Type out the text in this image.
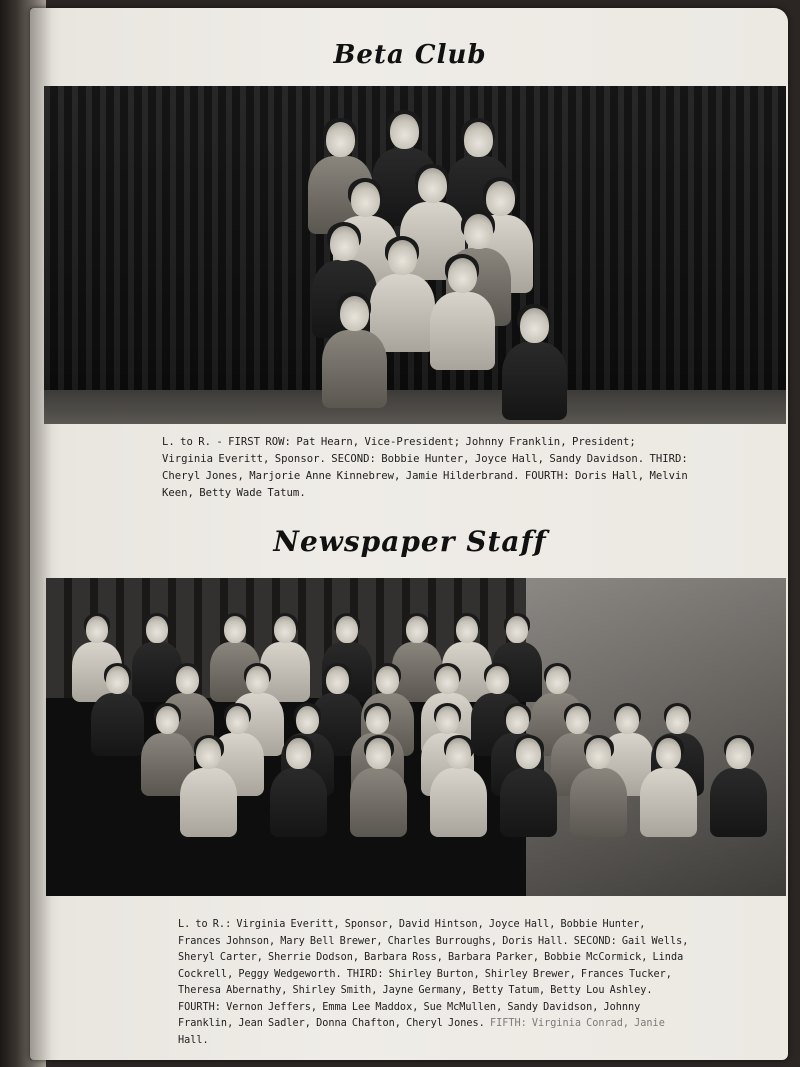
Beta Club
L. to R. - FIRST ROW: Pat Hearn, Vice-President; Johnny Franklin, President; Virginia Everitt, Sponsor. SECOND: Bobbie Hunter, Joyce Hall, Sandy Davidson. THIRD: Cheryl Jones, Marjorie Anne Kinnebrew, Jamie Hilderbrand. FOURTH: Doris Hall, Melvin Keen, Betty Wade Tatum.
Newspaper Staff
L. to R.: Virginia Everitt, Sponsor, David Hintson, Joyce Hall, Bobbie Hunter, Frances Johnson, Mary Bell Brewer, Charles Burroughs, Doris Hall. SECOND: Gail Wells, Sheryl Carter, Sherrie Dodson, Barbara Ross, Barbara Parker, Bobbie McCormick, Linda Cockrell, Peggy Wedgeworth. THIRD: Shirley Burton, Shirley Brewer, Frances Tucker, Theresa Abernathy, Shirley Smith, Jayne Germany, Betty Tatum, Betty Lou Ashley. FOURTH: Vernon Jeffers, Emma Lee Maddox, Sue McMullen, Sandy Davidson, Johnny Franklin, Jean Sadler, Donna Chafton, Cheryl Jones. FIFTH: Virginia Conrad, Janie Hall.
